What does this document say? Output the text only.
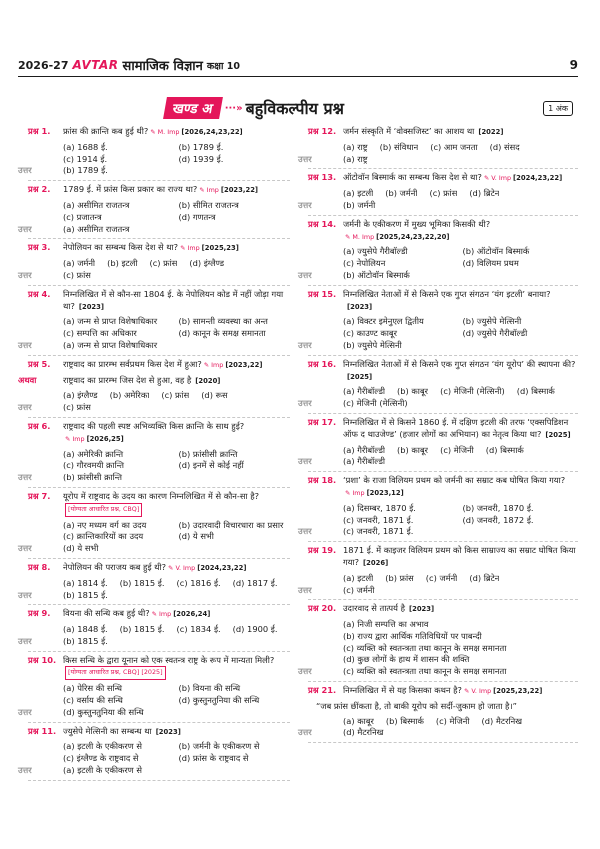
2026-27 AVTAR सामाजिक विज्ञान कक्षा 10	9
खण्ड अ	···» बहुविकल्पीय प्रश्न	1 अंक
प्रश्न 1. फ्रांस की क्रान्ति कब हुई थी? ✎ M. Imp [2026,24,23,22]
(a) 1688 ई.	(b) 1789 ई.
(c) 1914 ई.	(d) 1939 ई.
उत्तर	(b) 1789 ई.
प्रश्न 2. 1789 ई. में फ्रांस किस प्रकार का राज्य था? ✎ Imp [2023,22]
(a) असीमित राजतन्त्र	(b) सीमित राजतन्त्र
(c) प्रजातन्त्र	(d) गणतन्त्र
उत्तर	(a) असीमित राजतन्त्र
प्रश्न 3. नेपोलियन का सम्बन्ध किस देश से था? ✎ Imp [2025,23]
(a) जर्मनी (b) इटली (c) फ्रांस (d) इंग्लैण्ड
उत्तर	(c) फ्रांस
प्रश्न 4. निम्नलिखित में से कौन-सा 1804 ई. के नेपोलियन कोड में नहीं जोड़ा गया था? [2023]
(a) जन्म से प्राप्त विशेषाधिकार	(b) सामन्ती व्यवस्था का अन्त
(c) सम्पत्ति का अधिकार	(d) कानून के समक्ष समानता
उत्तर	(a) जन्म से प्राप्त विशेषाधिकार
प्रश्न 5. राष्ट्रवाद का प्रारम्भ सर्वप्रथम किस देश में हुआ? ✎ Imp [2023,22]
अथवा	राष्ट्रवाद का प्रारम्भ जिस देश से हुआ, वह है [2020]
(a) इंग्लैण्ड (b) अमेरिका (c) फ्रांस (d) रूस
उत्तर	(c) फ्रांस
प्रश्न 6. राष्ट्रवाद की पहली स्पष्ट अभिव्यक्ति किस क्रान्ति के साथ हुई?✎ Imp [2026,25]
(a) अमेरिकी क्रान्ति	(b) फ्रांसीसी क्रान्ति
(c) गौरवमयी क्रान्ति	(d) इनमें से कोई नहीं
उत्तर	(b) फ्रांसीसी क्रान्ति
प्रश्न 7. यूरोप में राष्ट्रवाद के उदय का कारण निम्नलिखित में से कौन-सा है?[योग्यता आधारित प्रश्न, CBQ]
(a) नए मध्यम वर्ग का उदय	(b) उदारवादी विचारधारा का प्रसार
(c) क्रान्तिकारियों का उदय	(d) ये सभी
उत्तर	(d) ये सभी
प्रश्न 8. नेपोलियन की पराजय कब हुई थी? ✎ V. Imp [2024,23,22]
(a) 1814 ई. (b) 1815 ई. (c) 1816 ई. (d) 1817 ई.
उत्तर	(b) 1815 ई.
प्रश्न 9. वियना की सन्धि कब हुई थी? ✎ Imp [2026,24]
(a) 1848 ई. (b) 1815 ई. (c) 1834 ई. (d) 1900 ई.
उत्तर	(b) 1815 ई.
प्रश्न 10. किस सन्धि के द्वारा यूनान को एक स्वतन्त्र राष्ट्र के रूप में मान्यता मिली?[योग्यता आधारित प्रश्न, CBQ] [2025]
(a) पेरिस की सन्धि	(b) वियना की सन्धि
(c) वर्साय की सन्धि	(d) कुस्तुनतुनिया की सन्धि
उत्तर	(d) कुस्तुनतुनिया की सन्धि
प्रश्न 11. ज्युसेपे मेत्सिनी का सम्बन्ध था [2023]
(a) इटली के एकीकरण से	(b) जर्मनी के एकीकरण से
(c) इंग्लैण्ड के राष्ट्रवाद से	(d) फ्रांस के राष्ट्रवाद से
उत्तर	(a) इटली के एकीकरण से
प्रश्न 12. जर्मन संस्कृति में ‘वोक्सजिस्ट’ का आशय था [2022]
(a) राष्ट्र (b) संविधान (c) आम जनता (d) संसद
उत्तर	(a) राष्ट्र
प्रश्न 13. ऑटोवॉन बिस्मार्क का सम्बन्ध किस देश से था? ✎ V. Imp [2024,23,22]
(a) इटली (b) जर्मनी (c) फ्रांस (d) ब्रिटेन
उत्तर	(b) जर्मनी
प्रश्न 14. जर्मनी के एकीकरण में मुख्य भूमिका किसकी थी?✎ M. Imp [2025,24,23,22,20]
(a) ज्युसेपे गैरीबॉल्डी	(b) ऑटोवॉन बिस्मार्क
(c) नेपोलियन	(d) विलियम प्रथम
उत्तर	(b) ऑटोवॉन बिस्मार्क
प्रश्न 15. निम्नलिखित नेताओं में से किसने एक गुप्त संगठन ‘यंग इटली’ बनाया?[2023]
(a) विक्टर इमेनुएल द्वितीय	(b) ज्युसेपे मेत्सिनी
(c) काउण्ट काबूर	(d) ज्युसेपे गैरीबॉल्डी
उत्तर	(b) ज्युसेपे मेत्सिनी
प्रश्न 16. निम्नलिखित नेताओं में से किसने एक गुप्त संगठन ‘यंग यूरोप’ की स्थापना की?[2025]
(a) गैरीबॉल्डी (b) काबूर (c) मेजिनी (मेत्सिनी) (d) बिस्मार्क
उत्तर	(c) मेजिनी (मेत्सिनी)
प्रश्न 17. निम्नलिखित में से किसने 1860 ई. में दक्षिण इटली की तरफ ‘एक्सपिडिशन ऑफ द थाउजेण्ड’ (हजार लोगों का अभियान) का नेतृत्व किया था? [2025]
(a) गैरीबॉल्डी (b) काबूर (c) मेजिनी (d) बिस्मार्क
उत्तर	(a) गैरीबॉल्डी
प्रश्न 18. ‘प्रशा’ के राजा विलियम प्रथम को जर्मनी का सम्राट कब घोषित किया गया?✎ Imp [2023,12]
(a) दिसम्बर, 1870 ई.	(b) जनवरी, 1870 ई.
(c) जनवरी, 1871 ई.	(d) जनवरी, 1872 ई.
उत्तर	(c) जनवरी, 1871 ई.
प्रश्न 19. 1871 ई. में काइजर विलियम प्रथम को किस साम्राज्य का सम्राट घोषित किया गया? [2026]
(a) इटली (b) फ्रांस (c) जर्मनी (d) ब्रिटेन
उत्तर	(c) जर्मनी
प्रश्न 20. उदारवाद से तात्पर्य है [2023]
(a) निजी सम्पत्ति का अभाव
(b) राज्य द्वारा आर्थिक गतिविधियों पर पाबन्दी
(c) व्यक्ति को स्वतन्त्रता तथा कानून के समक्ष समानता
(d) कुछ लोगों के हाथ में शासन की शक्ति
उत्तर	(c) व्यक्ति को स्वतन्त्रता तथा कानून के समक्ष समानता
प्रश्न 21. निम्नलिखित में से यह किसका कथन है? ✎ V. Imp [2025,23,22]
“जब फ्रांस छींकता है, तो बाकी यूरोप को सर्दी-जुकाम हो जाता है।”
(a) काबूर (b) बिस्मार्क (c) मेजिनी (d) मैटरनिख
उत्तर	(d) मैटरनिख
